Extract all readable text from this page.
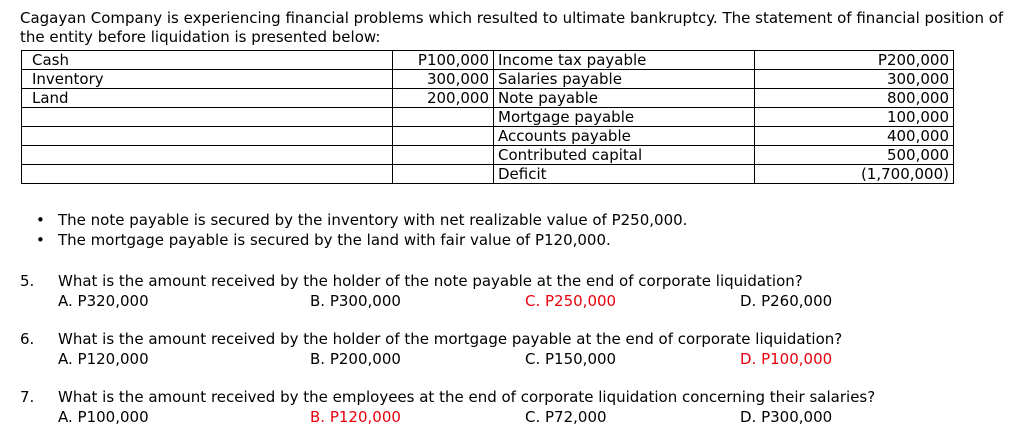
Cagayan Company is experiencing financial problems which resulted to ultimate bankruptcy. The statement of financial position of the entity before liquidation is presented below:
Cash	P100,000	Income tax payable	P200,000
Inventory	300,000	Salaries payable	300,000
Land	200,000	Note payable	800,000
		Mortgage payable	100,000
		Accounts payable	400,000
		Contributed capital	500,000
		Deficit	(1,700,000)
• The note payable is secured by the inventory with net realizable value of P250,000.
• The mortgage payable is secured by the land with fair value of P120,000.
5. What is the amount received by the holder of the note payable at the end of corporate liquidation?
A. P320,000	B. P300,000	C. P250,000	D. P260,000
6. What is the amount received by the holder of the mortgage payable at the end of corporate liquidation?
A. P120,000	B. P200,000	C. P150,000	D. P100,000
7. What is the amount received by the employees at the end of corporate liquidation concerning their salaries?
A. P100,000	B. P120,000	C. P72,000	D. P300,000
